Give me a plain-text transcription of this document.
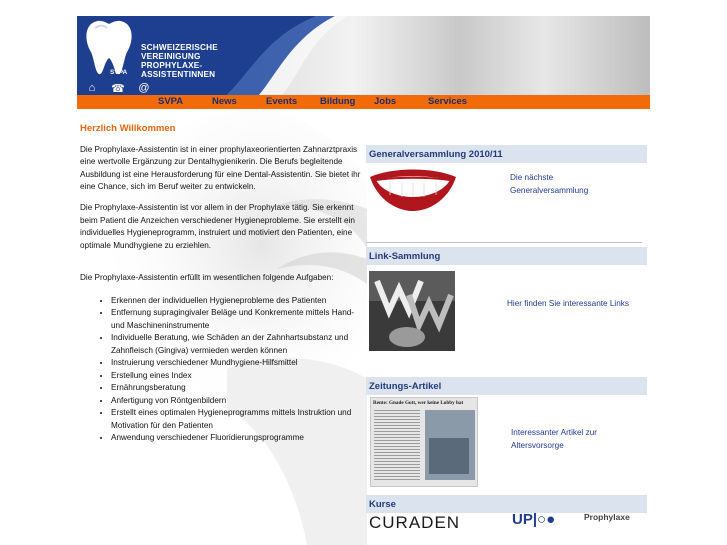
SVPA
SCHWEIZERISCHE
VEREINIGUNG
PROPHYLAXE-
ASSISTENTINNEN
⌂	☎ @
SVPA	News	Events Bildung Jobs	Services
Herzlich Willkommen

Die Prophylaxe-Assistentin ist in einer prophylaxeorientierten Zahnarztpraxis eine wertvolle Ergänzung zur Dentalhygienikerin. Die Berufs begleitende Ausbildung ist eine Herausforderung für eine Dental-Assistentin. Sie bietet ihr eine Chance, sich im Beruf weiter zu entwickeln.

Die Prophylaxe-Assistentin ist vor allem in der Prophylaxe tätig. Sie erkennt beim Patient die Anzeichen verschiedener Hygieneprobleme. Sie erstellt ein individuelles Hygieneprogramm, instruiert und motiviert den Patienten, eine optimale Mundhygiene zu erziehlen.

Die Prophylaxe-Assistentin erfüllt im wesentlichen folgende Aufgaben:

• Erkennen der individuellen Hygieneprobleme des Patienten
• Entfernung supragingivaler Beläge und Konkremente mittels Hand- und Maschineninstrumente
• Individuelle Beratung, wie Schäden an der Zahnhartsubstanz und Zahnfleisch (Gingiva) vermieden werden können
• Instruierung verschiedener Mundhygiene-Hilfsmittel
• Erstellung eines Index
• Ernährungsberatung
• Anfertigung von Röntgenbildern
• Erstellt eines optimalen Hygieneprogramms mittels Instruktion und Motivation für den Patienten
• Anwendung verschiedener Fluoridierungsprogramme
Generalversammlung 2010/11
Die nächste Generalversammlung
Link-Sammlung
Hier finden Sie interessante Links
Zeitungs-Artikel
Rente: Gnade Gott, wer keine Lobby hat
Interessanter Artikel zur Altersvorsorge
Kurse
CURADEN	UP|○●	Prophylaxe
